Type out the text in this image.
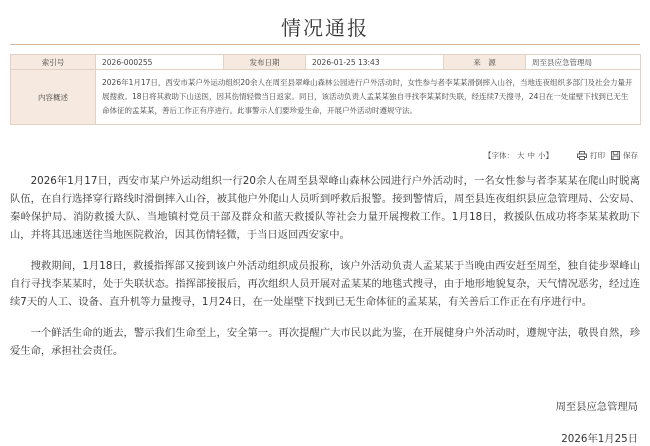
情况通报
索引号	2026-000255	发布日期	2026-01-25 13:43	来　源	周至县应急管理局
内容概述	2026年1月17日，西安市某户外运动组织20余人在周至县翠峰山森林公园进行户外活动时，女性参与者李某某滑倒摔入山谷，当地连夜组织多部门及社会力量开展搜救。18日将其救助下山送医，因其伤情轻微当日返家。同日，该活动负责人孟某某独自寻找李某某时失联，经连续7天搜寻，24日在一处崖壁下找到已无生命体征的孟某某，善后工作正有序进行。此事警示人们要珍爱生命，开展户外活动时遵规守法。				
【字体： 大 中 小】	打印 保存

2026年1月17日，西安市某户外运动组织一行20余人在周至县翠峰山森林公园进行户外活动时，一名女性参与者李某某在爬山时脱离队伍，在自行选择穿行路线时滑倒摔入山谷，被其他户外爬山人员听到呼救后报警。接到警情后，周至县连夜组织县应急管理局、公安局、秦岭保护局、消防救援大队、当地镇村党员干部及群众和蓝天救援队等社会力量开展搜救工作。1月18日，救援队伍成功将李某某救助下山，并将其迅速送往当地医院救治，因其伤情轻微，于当日返回西安家中。

搜救期间，1月18日，救援指挥部又接到该户外活动组织成员报称，该户外活动负责人孟某某于当晚由西安赶至周至，独自徒步翠峰山自行寻找李某某时，处于失联状态。指挥部接报后，再次组织人员开展对孟某某的地毯式搜寻，由于地形地貌复杂，天气情况恶劣，经过连续7天的人工、设备、直升机等力量搜寻，1月24日，在一处崖壁下找到已无生命体征的孟某某，有关善后工作正在有序进行中。

一个鲜活生命的逝去，警示我们生命至上，安全第一。再次提醒广大市民以此为鉴，在开展健身户外活动时，遵规守法，敬畏自然，珍爱生命，承担社会责任。

周至县应急管理局
2026年1月25日
